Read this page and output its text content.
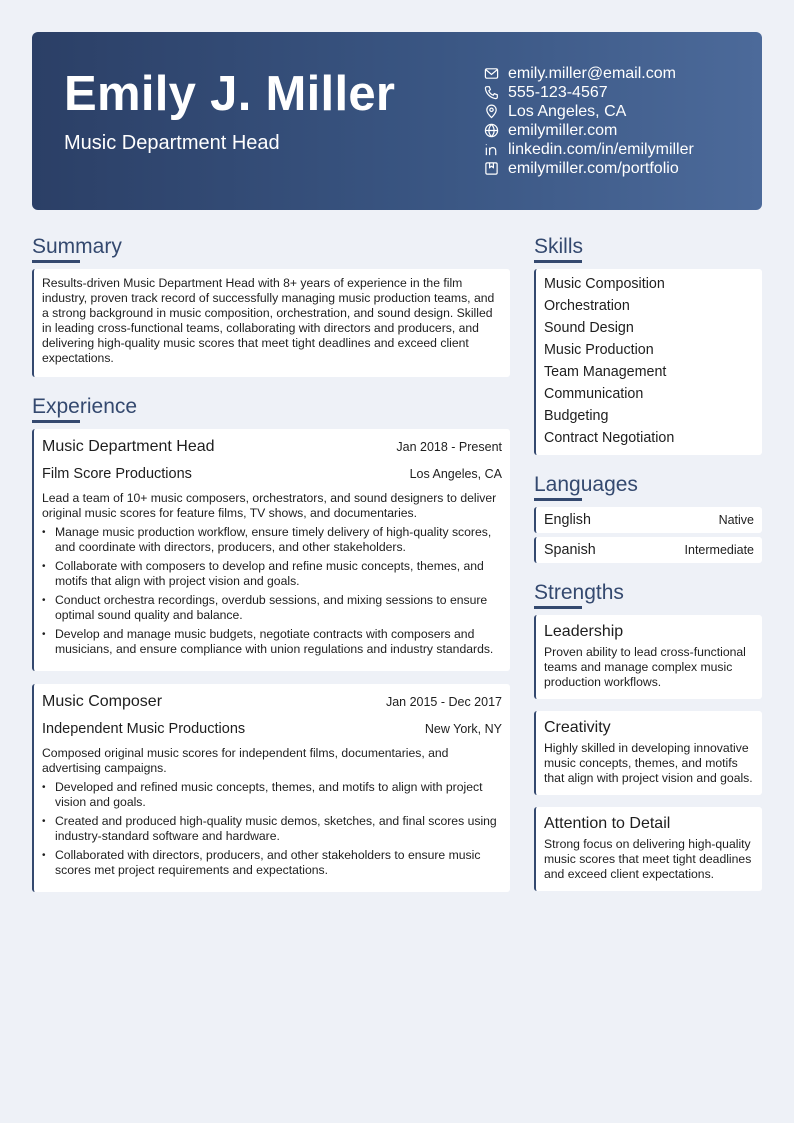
Emily J. Miller
Music Department Head
emily.miller@email.com
555-123-4567
Los Angeles, CA
emilymiller.com
linkedin.com/in/emilymiller
emilymiller.com/portfolio
Summary
Results-driven Music Department Head with 8+ years of experience in the film industry, proven track record of successfully managing music production teams, and a strong background in music composition, orchestration, and sound design. Skilled in leading cross-functional teams, collaborating with directors and producers, and delivering high-quality music scores that meet tight deadlines and exceed client expectations.
Experience
Music Department Head	Jan 2018 - Present
Film Score Productions	Los Angeles, CA
Lead a team of 10+ music composers, orchestrators, and sound designers to deliver original music scores for feature films, TV shows, and documentaries.
• Manage music production workflow, ensure timely delivery of high-quality scores, and coordinate with directors, producers, and other stakeholders.
• Collaborate with composers to develop and refine music concepts, themes, and motifs that align with project vision and goals.
• Conduct orchestra recordings, overdub sessions, and mixing sessions to ensure optimal sound quality and balance.
• Develop and manage music budgets, negotiate contracts with composers and musicians, and ensure compliance with union regulations and industry standards.
Music Composer	Jan 2015 - Dec 2017
Independent Music Productions	New York, NY
Composed original music scores for independent films, documentaries, and advertising campaigns.
• Developed and refined music concepts, themes, and motifs to align with project vision and goals.
• Created and produced high-quality music demos, sketches, and final scores using industry-standard software and hardware.
• Collaborated with directors, producers, and other stakeholders to ensure music scores met project requirements and expectations.
Skills
Music Composition
Orchestration
Sound Design
Music Production
Team Management
Communication
Budgeting
Contract Negotiation
Languages
English	Native
Spanish	Intermediate
Strengths
Leadership
Proven ability to lead cross-functional teams and manage complex music production workflows.
Creativity
Highly skilled in developing innovative music concepts, themes, and motifs that align with project vision and goals.
Attention to Detail
Strong focus on delivering high-quality music scores that meet tight deadlines and exceed client expectations.
